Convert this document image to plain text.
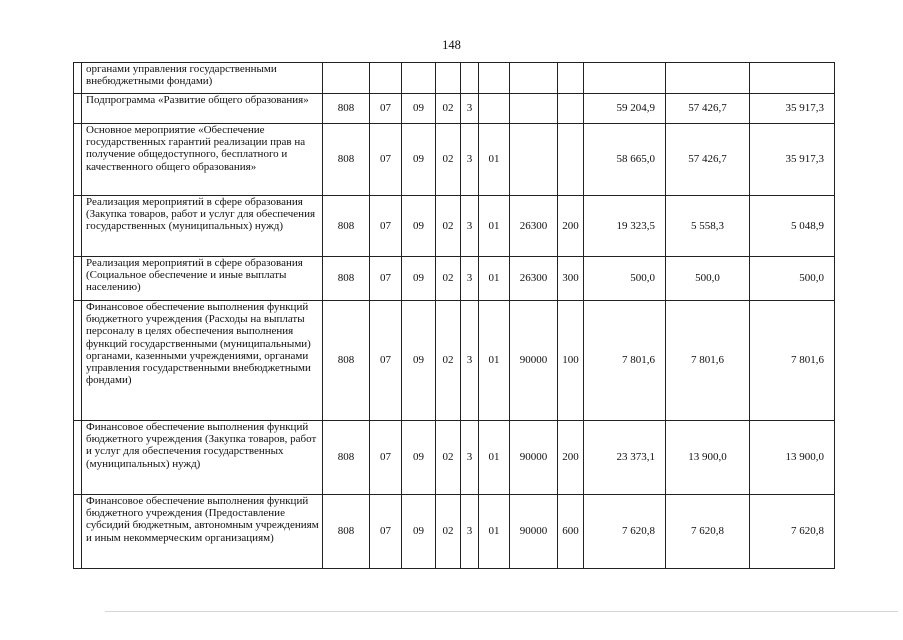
148
	органами управления государственными внебюджетными фондами)											
	Подпрограмма «Развитие общего образования»	808	07	09	02	3				59 204,9	57 426,7	35 917,3
	Основное мероприятие «Обеспечение государственных гарантий реализации прав на получение общедоступного, бесплатного и качественного общего образования»	808	07	09	02	3	01			58 665,0	57 426,7	35 917,3
	Реализация мероприятий в сфере образования (Закупка товаров, работ и услуг для обеспечения государственных (муниципальных) нужд)	808	07	09	02	3	01	26300	200	19 323,5	5 558,3	5 048,9
	Реализация мероприятий в сфере образования (Социальное обеспечение и иные выплаты населению)	808	07	09	02	3	01	26300	300	500,0	500,0	500,0
	Финансовое обеспечение выполнения функций бюджетного учреждения (Расходы на выплаты персоналу в целях обеспечения выполнения функций государственными (муниципальными) органами, казенными учреждениями, органами управления государственными внебюджетными фондами)	808	07	09	02	3	01	90000	100	7 801,6	7 801,6	7 801,6
	Финансовое обеспечение выполнения функций бюджетного учреждения (Закупка товаров, работ и услуг для обеспечения государственных (муниципальных) нужд)	808	07	09	02	3	01	90000	200	23 373,1	13 900,0	13 900,0
	Финансовое обеспечение выполнения функций бюджетного учреждения (Предоставление субсидий бюджетным, автономным учреждениям и иным некоммерческим организациям)	808	07	09	02	3	01	90000	600	7 620,8	7 620,8	7 620,8
